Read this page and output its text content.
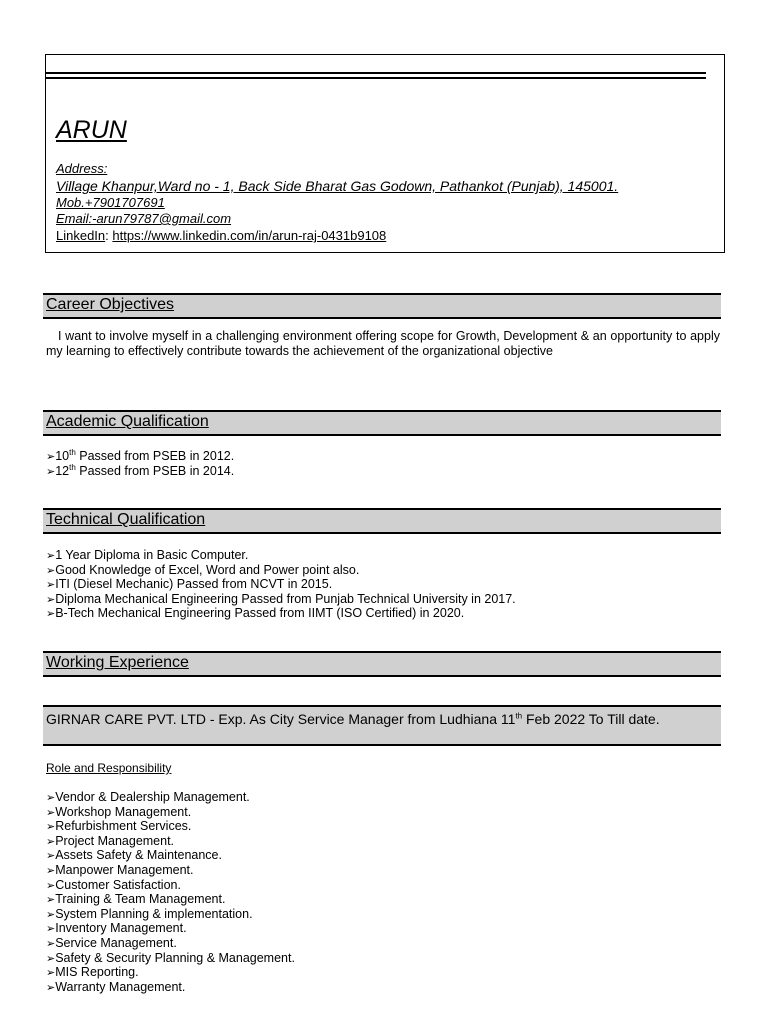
ARUN
Address:
Village Khanpur,Ward no - 1, Back Side Bharat Gas Godown, Pathankot (Punjab), 145001.
Mob.+7901707691
Email:-arun79787@gmail.com
LinkedIn: https://www.linkedin.com/in/arun-raj-0431b9108
Career Objectives

I want to involve myself in a challenging environment offering scope for Growth, Development & an opportunity to apply my learning to effectively contribute towards the achievement of the organizational objective

Academic Qualification
➢10th Passed from PSEB in 2012.
➢12th Passed from PSEB in 2014.
Technical Qualification
➢1 Year Diploma in Basic Computer.
➢Good Knowledge of Excel, Word and Power point also.
➢ITI (Diesel Mechanic) Passed from NCVT in 2015.
➢Diploma Mechanical Engineering Passed from Punjab Technical University in 2017.
➢B-Tech Mechanical Engineering Passed from IIMT (ISO Certified) in 2020.
Working Experience
GIRNAR CARE PVT. LTD - Exp. As City Service Manager from Ludhiana 11th Feb 2022 To Till date.
Role and Responsibility
➢Vendor & Dealership Management.
➢Workshop Management.
➢Refurbishment Services.
➢Project Management.
➢Assets Safety & Maintenance.
➢Manpower Management.
➢Customer Satisfaction.
➢Training & Team Management.
➢System Planning & implementation.
➢Inventory Management.
➢Service Management.
➢Safety & Security Planning & Management.
➢MIS Reporting.
➢Warranty Management.
